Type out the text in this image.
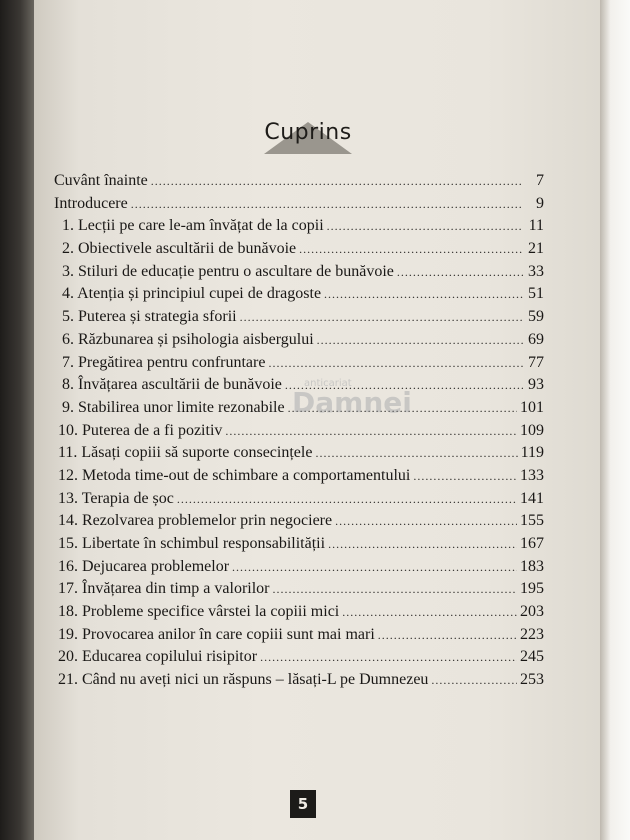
Cuprins
Cuvânt înainte .....	7
Introducere .....	9
1. Lecții pe care le-am învățat de la copii .....	11
2. Obiectivele ascultării de bunăvoie .....	21
3. Stiluri de educație pentru o ascultare de bunăvoie .....	33
4. Atenția și principiul cupei de dragoste .....	51
5. Puterea și strategia sforii .....	59
6. Răzbunarea și psihologia aisbergului .....	69
7. Pregătirea pentru confruntare .....	77
8. Învățarea ascultării de bunăvoie .....	93
9. Stabilirea unor limite rezonabile .....	101
10. Puterea de a fi pozitiv .....	109
11. Lăsați copiii să suporte consecințele .....	119
12. Metoda time-out de schimbare a comportamentului .....	133
13. Terapia de șoc .....	141
14. Rezolvarea problemelor prin negociere .....	155
15. Libertate în schimbul responsabilității .....	167
16. Dejucarea problemelor .....	183
17. Învățarea din timp a valorilor .....	195
18. Probleme specifice vârstei la copiii mici .....	203
19. Provocarea anilor în care copiii sunt mai mari .....	223
20. Educarea copilului risipitor .....	245
21. Când nu aveți nici un răspuns – lăsați-L pe Dumnezeu .....	253
anticariat
Damnei
5
